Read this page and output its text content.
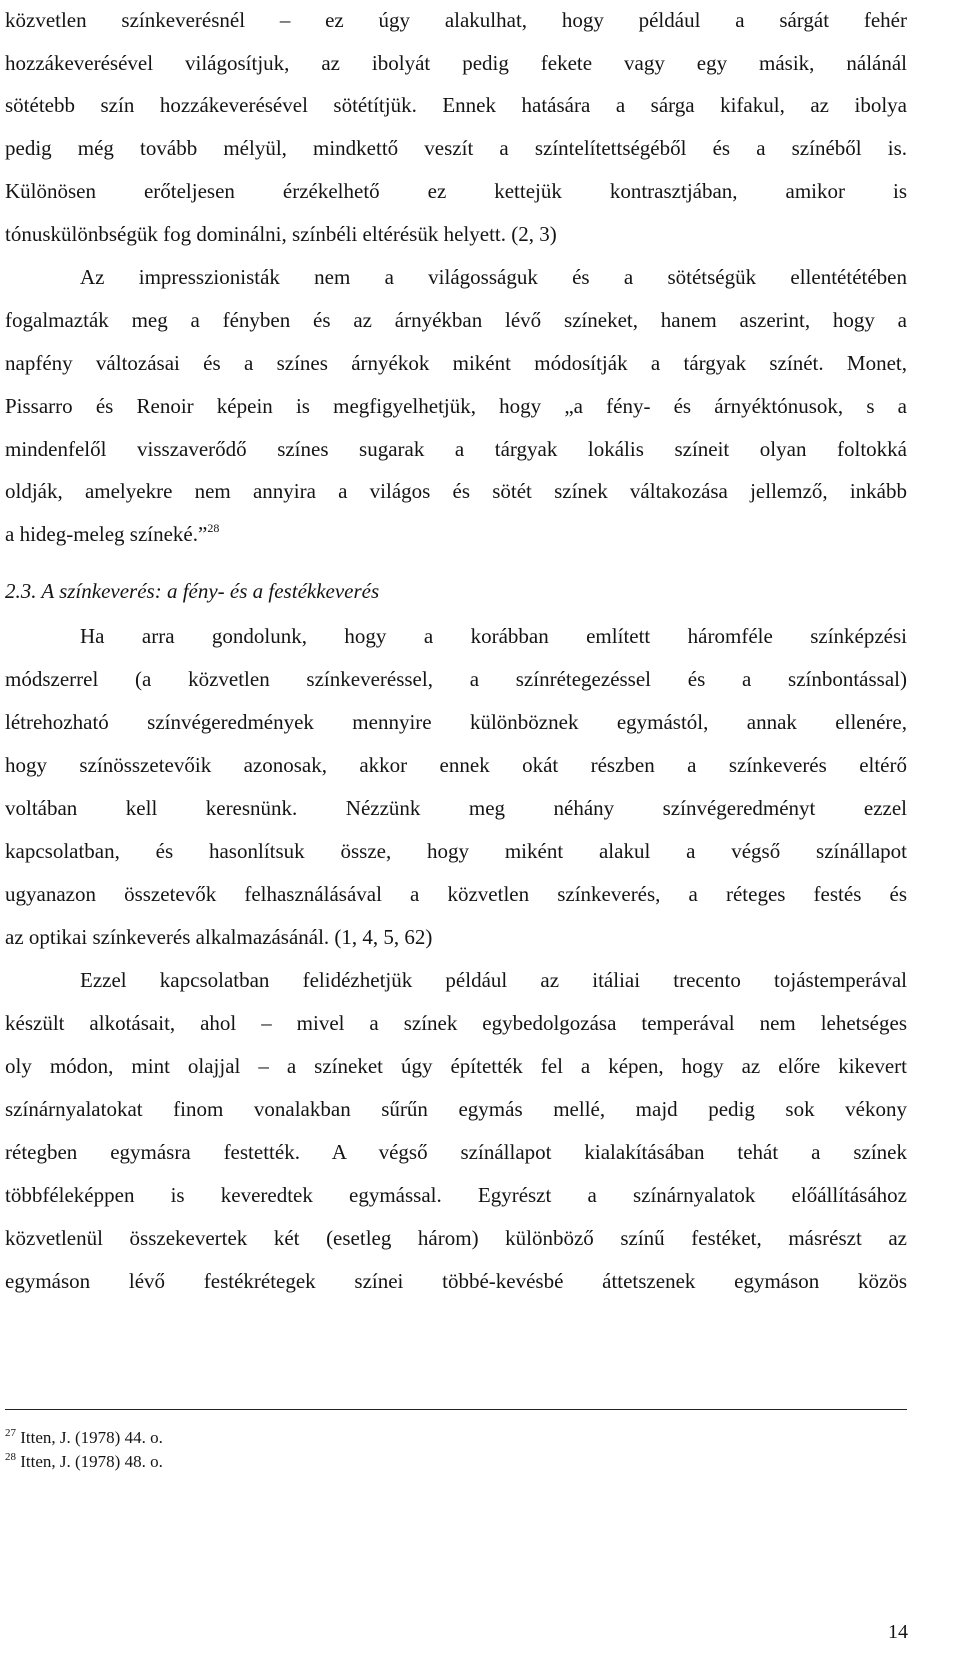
közvetlen színkeverésnél – ez úgy alakulhat, hogy például a sárgát fehér
hozzákeverésével világosítjuk, az ibolyát pedig fekete vagy egy másik, nálánál
sötétebb szín hozzákeverésével sötétítjük. Ennek hatására a sárga kifakul, az ibolya
pedig még tovább mélyül, mindkettő veszít a színtelítettségéből és a színéből is.
Különösen erőteljesen érzékelhető ez kettejük kontrasztjában, amikor is
tónuskülönbségük fog dominálni, színbéli eltérésük helyett. (2, 3)
Az impresszionisták nem a világosságuk és a sötétségük ellentététében
fogalmazták meg a fényben és az árnyékban lévő színeket, hanem aszerint, hogy a
napfény változásai és a színes árnyékok miként módosítják a tárgyak színét. Monet,
Pissarro és Renoir képein is megfigyelhetjük, hogy „a fény- és árnyéktónusok, s a
mindenfelől visszaverődő színes sugarak a tárgyak lokális színeit olyan foltokká
oldják, amelyekre nem annyira a világos és sötét színek váltakozása jellemző, inkább
a hideg-meleg színeké.”$^{28}$
2.3. A színkeverés: a fény- és a festékkeverés
Ha arra gondolunk, hogy a korábban említett háromféle színképzési
módszerrel (a közvetlen színkeveréssel, a színrétegezéssel és a színbontással)
létrehozható színvégeredmények mennyire különböznek egymástól, annak ellenére,
hogy színösszetevőik azonosak, akkor ennek okát részben a színkeverés eltérő
voltában kell keresnünk. Nézzünk meg néhány színvégeredményt ezzel
kapcsolatban, és hasonlítsuk össze, hogy miként alakul a végső színállapot
ugyanazon összetevők felhasználásával a közvetlen színkeverés, a réteges festés és
az optikai színkeverés alkalmazásánál. (1, 4, 5, 62)
Ezzel kapcsolatban felidézhetjük például az itáliai trecento tojástemperával
készült alkotásait, ahol – mivel a színek egybedolgozása temperával nem lehetséges
oly módon, mint olajjal – a színeket úgy építették fel a képen, hogy az előre kikevert
színárnyalatokat finom vonalakban sűrűn egymás mellé, majd pedig sok vékony
rétegben egymásra festették. A végső színállapot kialakításában tehát a színek
többféleképpen is keveredtek egymással. Egyrészt a színárnyalatok előállításához
közvetlenül összekevertek két (esetleg három) különböző színű festéket, másrészt az
egymáson lévő festékrétegek színei többé-kevésbé áttetszenek egymáson közös
$^{27}$ Itten, J. (1978) 44. o.
$^{28}$ Itten, J. (1978) 48. o.
14
